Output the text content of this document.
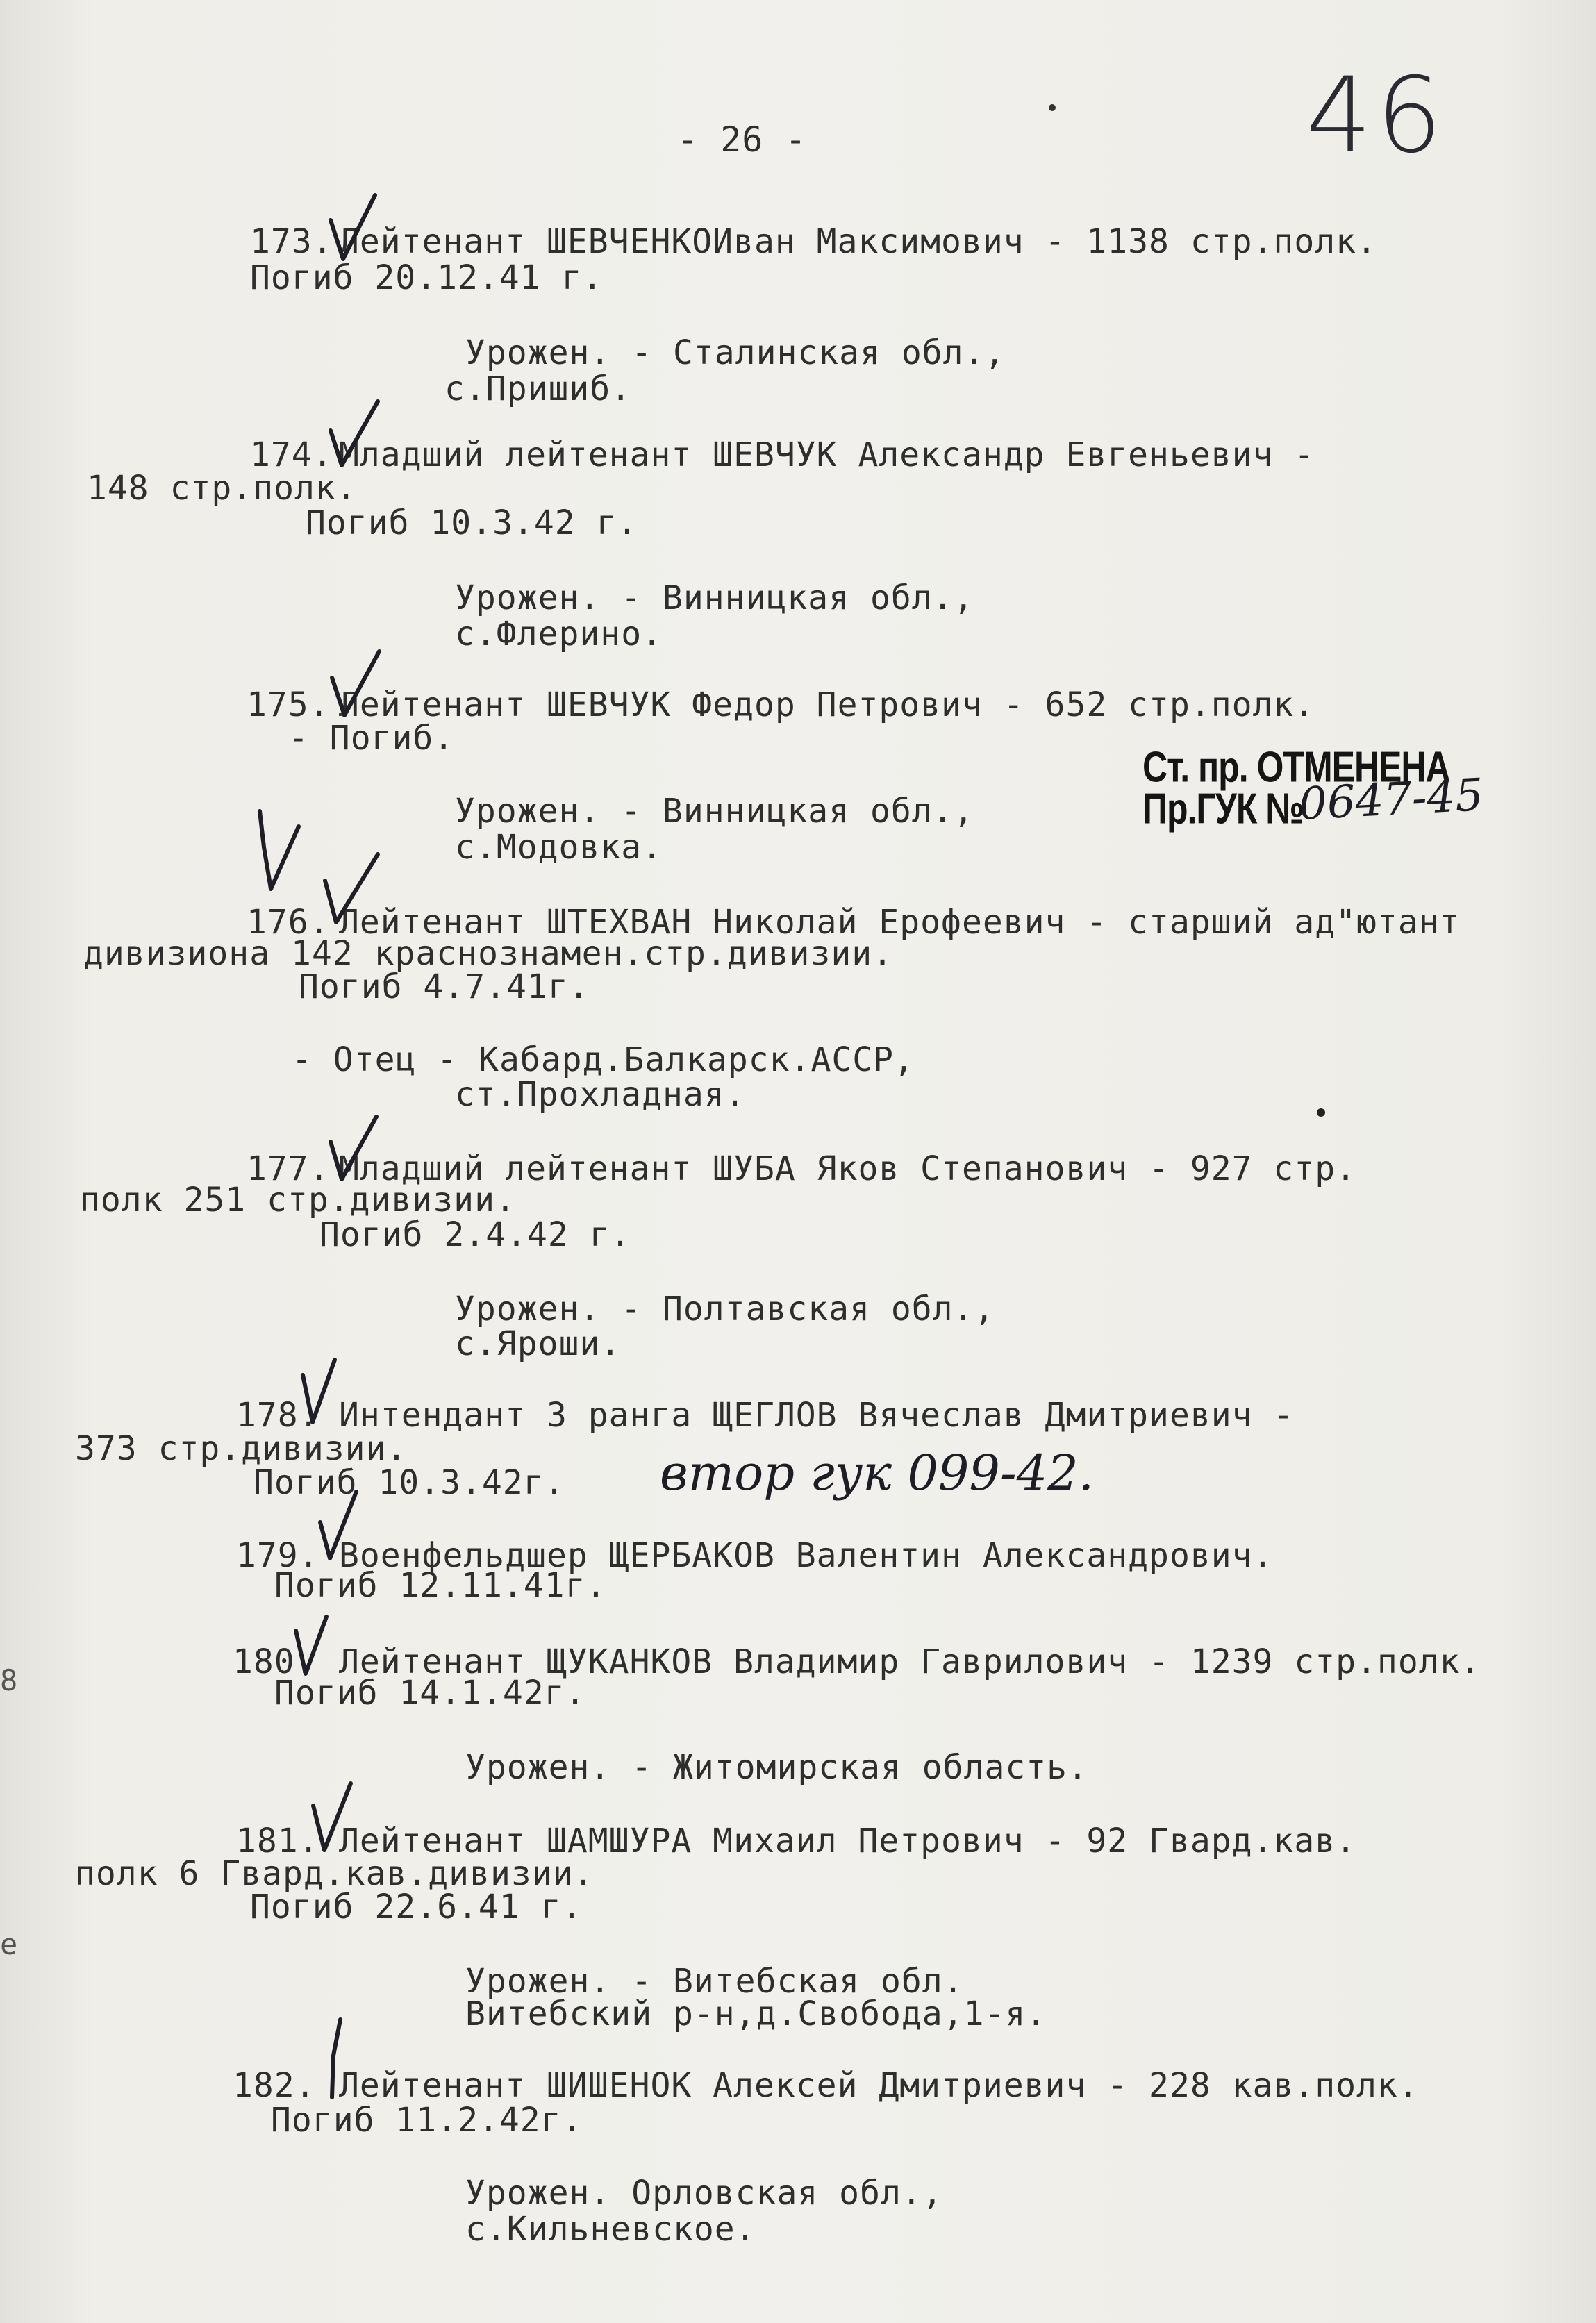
- 26 -	46
173. Лейтенант ШЕВЧЕНКОИван Максимович - 1138 стр.полк.
Погиб 20.12.41 г.
Урожен. - Сталинская обл.,
с.Пришиб.
174. Младший лейтенант ШЕВЧУК Александр Евгеньевич -
148 стр.полк.
Погиб 10.3.42 г.
Урожен. - Винницкая обл.,
с.Флерино.
175. Лейтенант ШЕВЧУК Федор Петрович - 652 стр.полк.
- Погиб.
Урожен. - Винницкая обл.,
с.Модовка.
Ст. пр. ОТМЕНЕНА
Пр.ГУК №
0647-45
176. Лейтенант ШТЕХВАН Николай Ерофеевич - старший ад"ютант
дивизиона 142 краснознамен.стр.дивизии.
Погиб 4.7.41г.
- Отец - Кабард.Балкарск.АССР,
ст.Прохладная.
177. Младший лейтенант ШУБА Яков Степанович - 927 стр.
полк 251 стр.дивизии.
Погиб 2.4.42 г.
Урожен. - Полтавская обл.,
с.Яроши.
178. Интендант 3 ранга ЩЕГЛОВ Вячеслав Дмитриевич -
373 стр.дивизии.
Погиб 10.3.42г. втор гук 099-42.
179. Военфельдшер ЩЕРБАКОВ Валентин Александрович.
Погиб 12.11.41г.
180. Лейтенант ЩУКАНКОВ Владимир Гаврилович - 1239 стр.полк.
Погиб 14.1.42г.
Урожен. - Житомирская область.
181. Лейтенант ШАМШУРА Михаил Петрович - 92 Гвард.кав.
полк 6 Гвард.кав.дивизии.
Погиб 22.6.41 г.
Урожен. - Витебская обл.
Витебский р-н,д.Свобода,1-я.
182. Лейтенант ШИШЕНОК Алексей Дмитриевич - 228 кав.полк.
Погиб 11.2.42г.
Урожен. Орловская обл.,
с.Кильневское.
8
е
